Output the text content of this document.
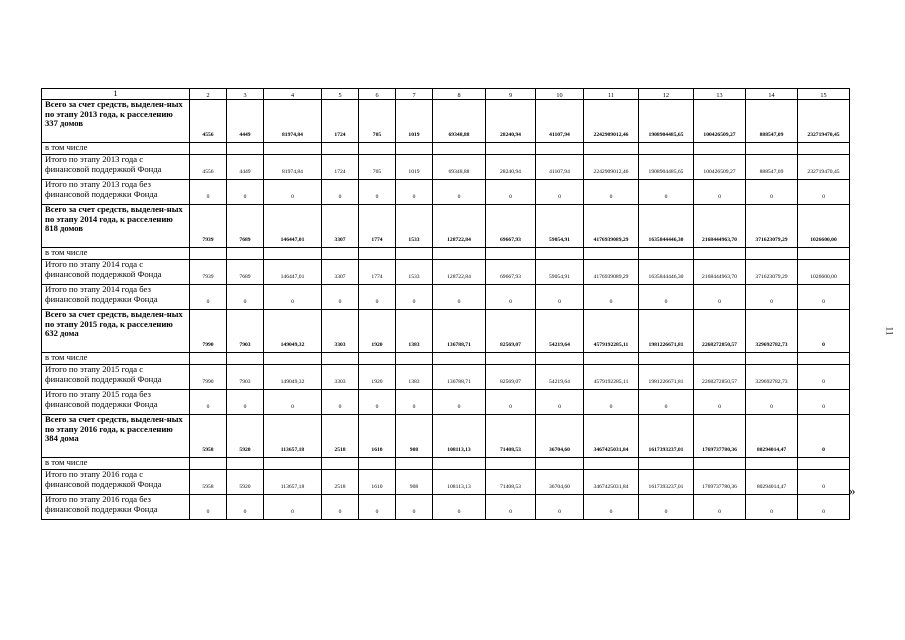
1	2	3	4	5	6	7	8	9	10	11	12	13	14	15
Всего за счет средств, выделен-ных по этапу 2013 года, к расселению 337 домов	4556	4449	81974,84	1724	705	1019	69348,88	28240,94	41107,94	2242909012,46	1908904485,65	100426509,27	888547,09	232719470,45
в том числе														
Итого по этапу 2013 года с финансовой поддержкой Фонда	4556	4449	81974,84	1724	705	1019	69348,88	28240,94	41107,94	2242909012,46	1908904485,65	100426509,27	888547,09	232719470,45
Итого по этапу 2013 года без финансовой поддержки Фонда	0	0	0	0	0	0	0	0	0	0	0	0	0	0
Всего за счет средств, выделен-ных по этапу 2014 года, к расселению 818 домов	7939	7689	146447,01	3307	1774	1533	128722,84	69667,93	59054,91	4176939089,29	1635844446,30	2168444963,70	371623079,29	1026600,00
в том числе														
Итого по этапу 2014 года с финансовой поддержкой Фонда	7939	7689	146447,01	3307	1774	1533	128722,84	69667,93	59054,91	4176939089,29	1635844446,30	2168444963,70	371623079,29	1026600,00
Итого по этапу 2014 года без финансовой поддержки Фонда	0	0	0	0	0	0	0	0	0	0	0	0	0	0
Всего за счет средств, выделен-ных по этапу 2015 года, к расселению 632 дома	7990	7903	149049,32	3303	1920	1383	136788,71	82569,07	54219,64	4579192285,11	1981226671,81	2268272850,57	329692782,73	0
в том числе														
Итого по этапу 2015 года с финансовой поддержкой Фонда	7990	7903	149049,32	3303	1920	1383	136788,71	82569,07	54219,64	4579192285,11	1981226671,81	2268272850,57	329692782,73	0
Итого по этапу 2015 года без финансовой поддержки Фонда	0	0	0	0	0	0	0	0	0	0	0	0	0	0
Всего за счет средств, выделен-ных по этапу 2016 года, к расселению 384 дома	5958	5920	113657,18	2518	1610	908	108113,13	71408,53	36704,60	3467425031,84	1617393237,01	1769737780,36	80294014,47	0
в том числе														
Итого по этапу 2016 года с финансовой поддержкой Фонда	5958	5920	113657,18	2518	1610	908	108113,13	71408,53	36704,60	3467425031,84	1617393237,01	1769737780,36	80294014,47	0
Итого по этапу 2016 года без финансовой поддержки Фонда	0	0	0	0	0	0	0	0	0	0	0	0	0	0
11
»
